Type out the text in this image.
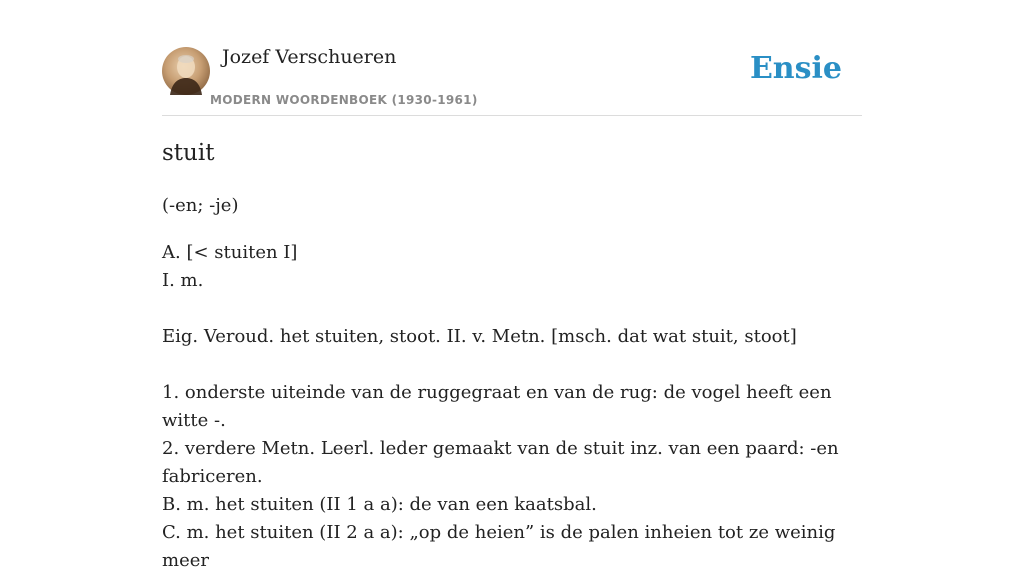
Jozef Verschueren
MODERN WOORDENBOEK (1930-1961)
Ensie
stuit

(-en; -je)

A. [< stuiten I]

I. m.

Eig. Veroud. het stuiten, stoot. II. v. Metn. [msch. dat wat stuit, stoot]

1. onderste uiteinde van de ruggegraat en van de rug: de vogel heeft een witte -.

2. verdere Metn. Leerl. leder gemaakt van de stuit inz. van een paard: -en fabriceren.

B. m. het stuiten (II 1 a a): de van een kaatsbal.

C. m. het stuiten (II 2 a a): „op de heien” is de palen inheien tot ze weinig meer
